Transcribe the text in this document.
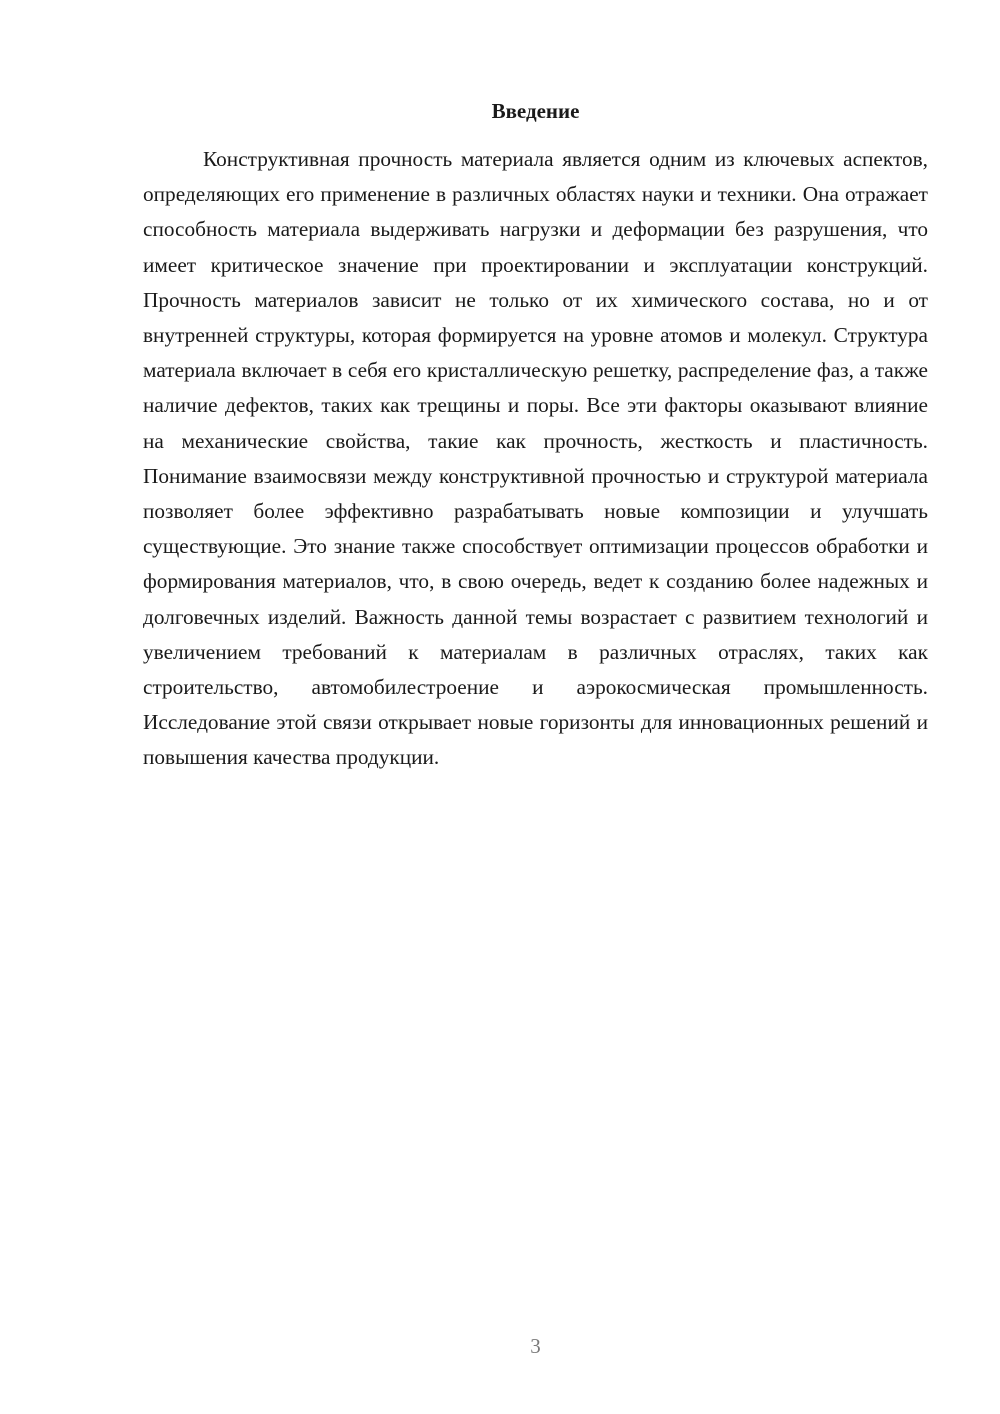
Введение

Конструктивная прочность материала является одним из ключевых аспектов, определяющих его применение в различных областях науки и техники. Она отражает способность материала выдерживать нагрузки и деформации без разрушения, что имеет критическое значение при проектировании и эксплуатации конструкций. Прочность материалов зависит не только от их химического состава, но и от внутренней структуры, которая формируется на уровне атомов и молекул. Структура материала включает в себя его кристаллическую решетку, распределение фаз, а также наличие дефектов, таких как трещины и поры. Все эти факторы оказывают влияние на механические свойства, такие как прочность, жесткость и пластичность. Понимание взаимосвязи между конструктивной прочностью и структурой материала позволяет более эффективно разрабатывать новые композиции и улучшать существующие. Это знание также способствует оптимизации процессов обработки и формирования материалов, что, в свою очередь, ведет к созданию более надежных и долговечных изделий. Важность данной темы возрастает с развитием технологий и увеличением требований к материалам в различных отраслях, таких как строительство, автомобилестроение и аэрокосмическая промышленность. Исследование этой связи открывает новые горизонты для инновационных решений и повышения качества продукции.

3
